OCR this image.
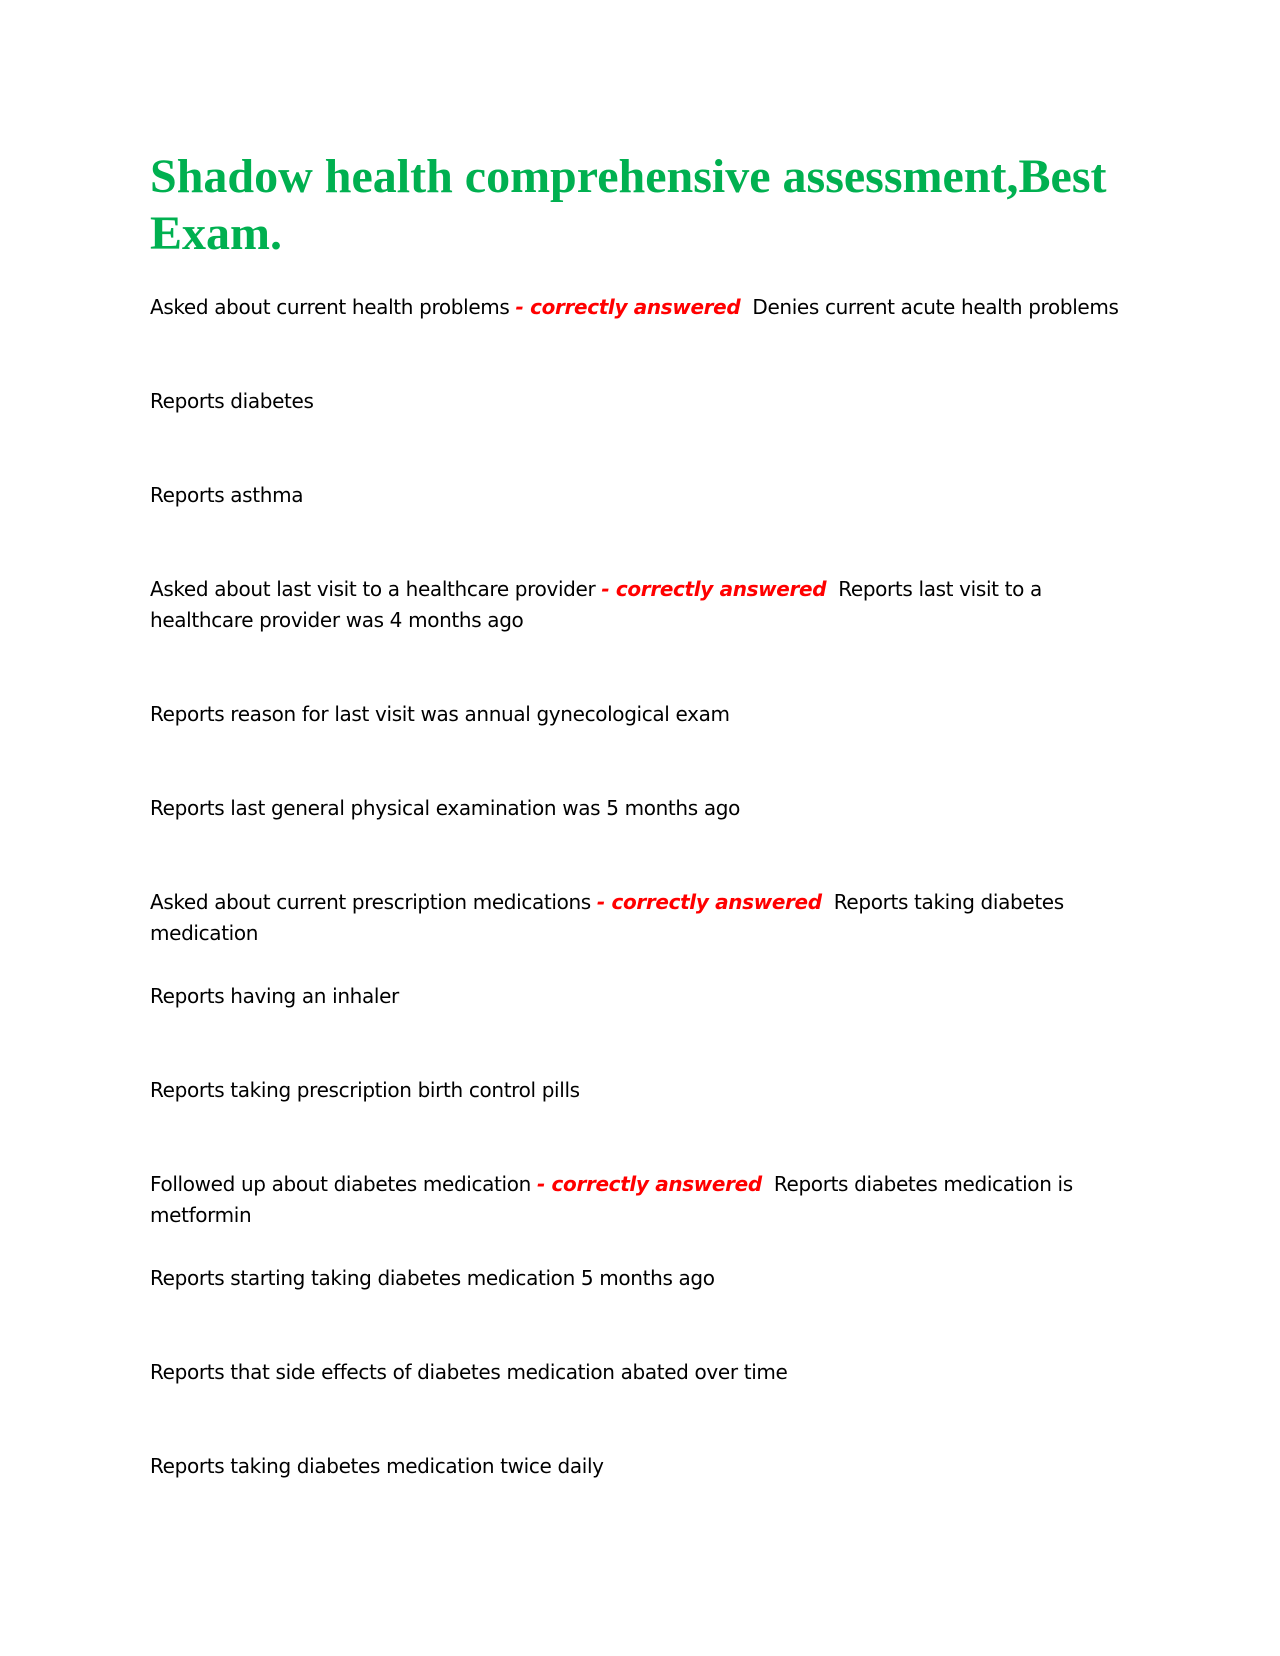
Shadow health comprehensive assessment,Best Exam.

Asked about current health problems - correctly answered Denies current acute health problems

Reports diabetes

Reports asthma

Asked about last visit to a healthcare provider - correctly answered Reports last visit to a healthcare provider was 4 months ago

Reports reason for last visit was annual gynecological exam

Reports last general physical examination was 5 months ago

Asked about current prescription medications - correctly answered Reports taking diabetes medication

Reports having an inhaler

Reports taking prescription birth control pills

Followed up about diabetes medication - correctly answered Reports diabetes medication is metformin

Reports starting taking diabetes medication 5 months ago

Reports that side effects of diabetes medication abated over time

Reports taking diabetes medication twice daily
